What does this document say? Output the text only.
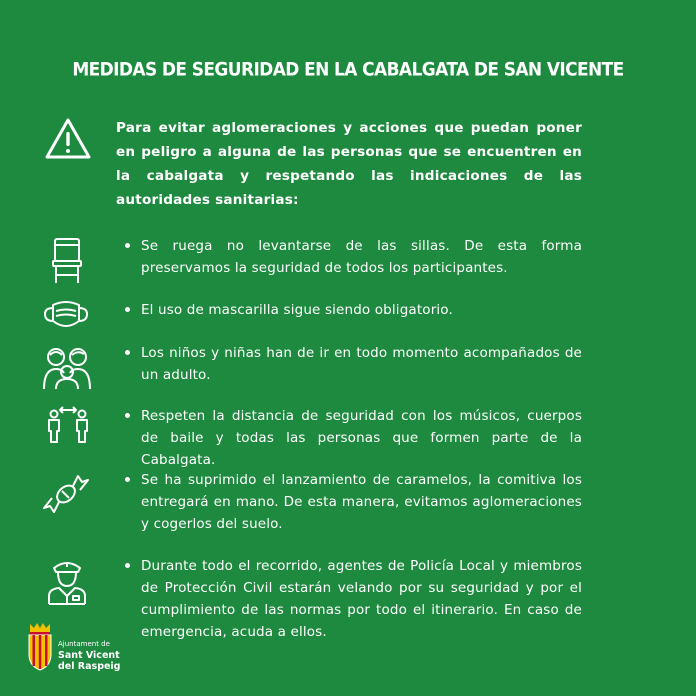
MEDIDAS DE SEGURIDAD EN LA CABALGATA DE SAN VICENTE
Para evitar aglomeraciones y acciones que puedan poner en peligro a alguna de las personas que se encuentren en la cabalgata y respetando las indicaciones de las autoridades sanitarias:
Se ruega no levantarse de las sillas. De esta forma preservamos la seguridad de todos los participantes.
El uso de mascarilla sigue siendo obligatorio.
Los niños y niñas han de ir en todo momento acompañados de un adulto.
Respeten la distancia de seguridad con los músicos, cuerpos de baile y todas las personas que formen parte de la Cabalgata.
Se ha suprimido el lanzamiento de caramelos, la comitiva los entregará en mano. De esta manera, evitamos aglomeraciones y cogerlos del suelo.
Durante todo el recorrido, agentes de Policía Local y miembros de Protección Civil estarán velando por su seguridad y por el cumplimiento de las normas por todo el itinerario. En caso de emergencia, acuda a ellos.
Ajuntament de
Sant Vicent
del Raspeig
